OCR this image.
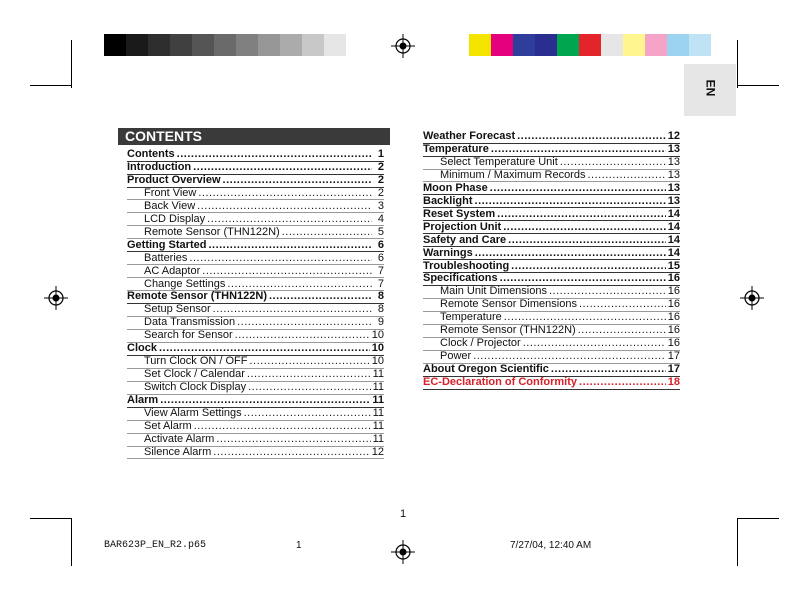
EN
CONTENTS
Contents .....	1
Introduction .....	2
Product Overview .....	2
Front View .....	2
Back View .....	3
LCD Display .....	4
Remote Sensor (THN122N) .....	5
Getting Started .....	6
Batteries .....	6
AC Adaptor .....	7
Change Settings .....	7
Remote Sensor (THN122N) .....	8
Setup Sensor .....	8
Data Transmission .....	9
Search for Sensor .....	10
Clock .....	10
Turn Clock ON / OFF .....	10
Set Clock / Calendar .....	11
Switch Clock Display .....	11
Alarm .....	11
View Alarm Settings .....	11
Set Alarm .....	11
Activate Alarm .....	11
Silence Alarm .....	12
Weather Forecast .....	12
Temperature .....	13
Select Temperature Unit .....	13
Minimum / Maximum Records .....	13
Moon Phase .....	13
Backlight .....	13
Reset System .....	14
Projection Unit .....	14
Safety and Care .....	14
Warnings .....	14
Troubleshooting .....	15
Specifications .....	16
Main Unit Dimensions .....	16
Remote Sensor Dimensions .....	16
Temperature .....	16
Remote Sensor (THN122N) .....	16
Clock / Projector .....	16
Power .....	17
About Oregon Scientific .....	17
EC-Declaration of Conformity .....	18
1
BAR623P_EN_R2.p65	1	7/27/04, 12:40 AM
